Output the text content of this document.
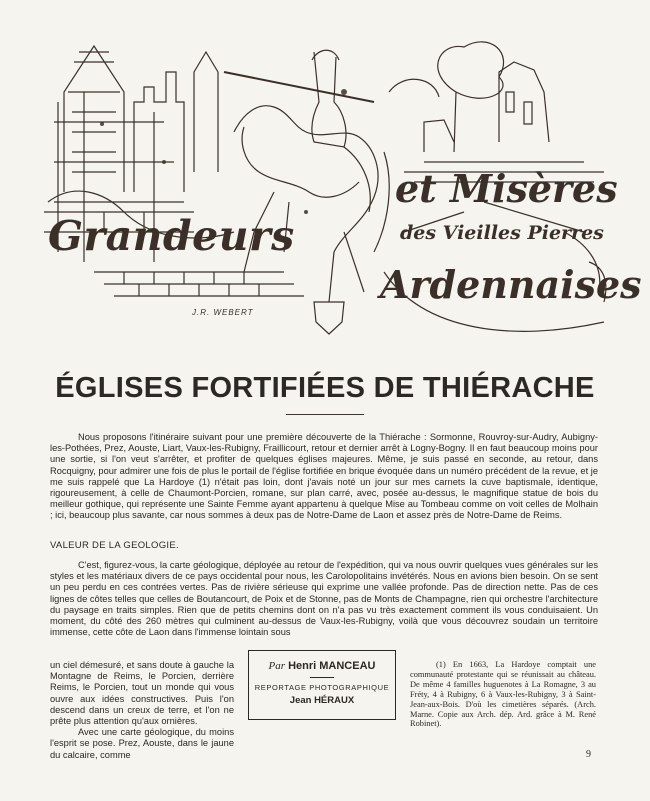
Grandeurs
et Misères
des Vieilles Pierres
Ardennaises
J.R. WEBERT
ÉGLISES FORTIFIÉES DE THIÉRACHE

Nous proposons l'itinéraire suivant pour une première découverte de la Thiérache : Sormonne, Rouvroy-sur-Audry, Aubigny-les-Pothées, Prez, Aouste, Liart, Vaux-les-Rubigny, Fraillicourt, retour et dernier arrêt à Logny-Bogny. Il en faut beaucoup moins pour une sortie, si l'on veut s'arrêter, et profiter de quelques églises majeures. Même, je suis passé en seconde, au retour, dans Rocquigny, pour admirer une fois de plus le portail de l'église fortifiée en brique évoquée dans un numéro précédent de la revue, et je me suis rappelé que La Hardoye (1) n'était pas loin, dont j'avais noté un jour sur mes carnets la cuve baptismale, identique, rigoureusement, à celle de Chaumont-Porcien, romane, sur plan carré, avec, posée au-dessus, le magnifique statue de bois du meilleur gothique, qui représente une Sainte Femme ayant appartenu à quelque Mise au Tombeau comme on voit celles de Molhain ; ici, beaucoup plus savante, car nous sommes à deux pas de Notre-Dame de Laon et assez près de Notre-Dame de Reims.

VALEUR DE LA GEOLOGIE.

C'est, figurez-vous, la carte géologique, déployée au retour de l'expédition, qui va nous ouvrir quelques vues générales sur les styles et les matériaux divers de ce pays occidental pour nous, les Carolopolitains invétérés. Nous en avions bien besoin. On se sent un peu perdu en ces contrées vertes. Pas de rivière sérieuse qui exprime une vallée profonde. Pas de direction nette. Pas de ces lignes de côtes telles que celles de Boutancourt, de Poix et de Stonne, pas de Monts de Champagne, rien qui orchestre l'architecture du paysage en traits simples. Rien que de petits chemins dont on n'a pas vu très exactement comment ils vous conduisaient. Un moment, du côté des 260 mètres qui culminent au-dessus de Vaux-les-Rubigny, voilà que vous découvrez soudain un territoire immense, cette côte de Laon dans l'immense lointain sous

un ciel démesuré, et sans doute à gauche la Montagne de Reims, le Porcien, derrière Reims, le Porcien, tout un monde qui vous ouvre aux idées constructives. Puis l'on descend dans un creux de terre, et l'on ne prête plus attention qu'aux ornières.

Avec une carte géologique, du moins l'esprit se pose. Prez, Aouste, dans le jaune du calcaire, comme

Par Henri MANCEAU
REPORTAGE PHOTOGRAPHIQUE
Jean HÉRAUX

(1) En 1663, La Hardoye comptait une communauté protestante qui se réunissait au château. De même 4 familles huguenotes à La Romagne, 3 au Fréty, 4 à Rubigny, 6 à Vaux-les-Rubigny, 3 à Saint-Jean-aux-Bois. D'où les cimetières séparés. (Arch. Marne. Copie aux Arch. dép. Ard. grâce à M. René Robinet).

9
